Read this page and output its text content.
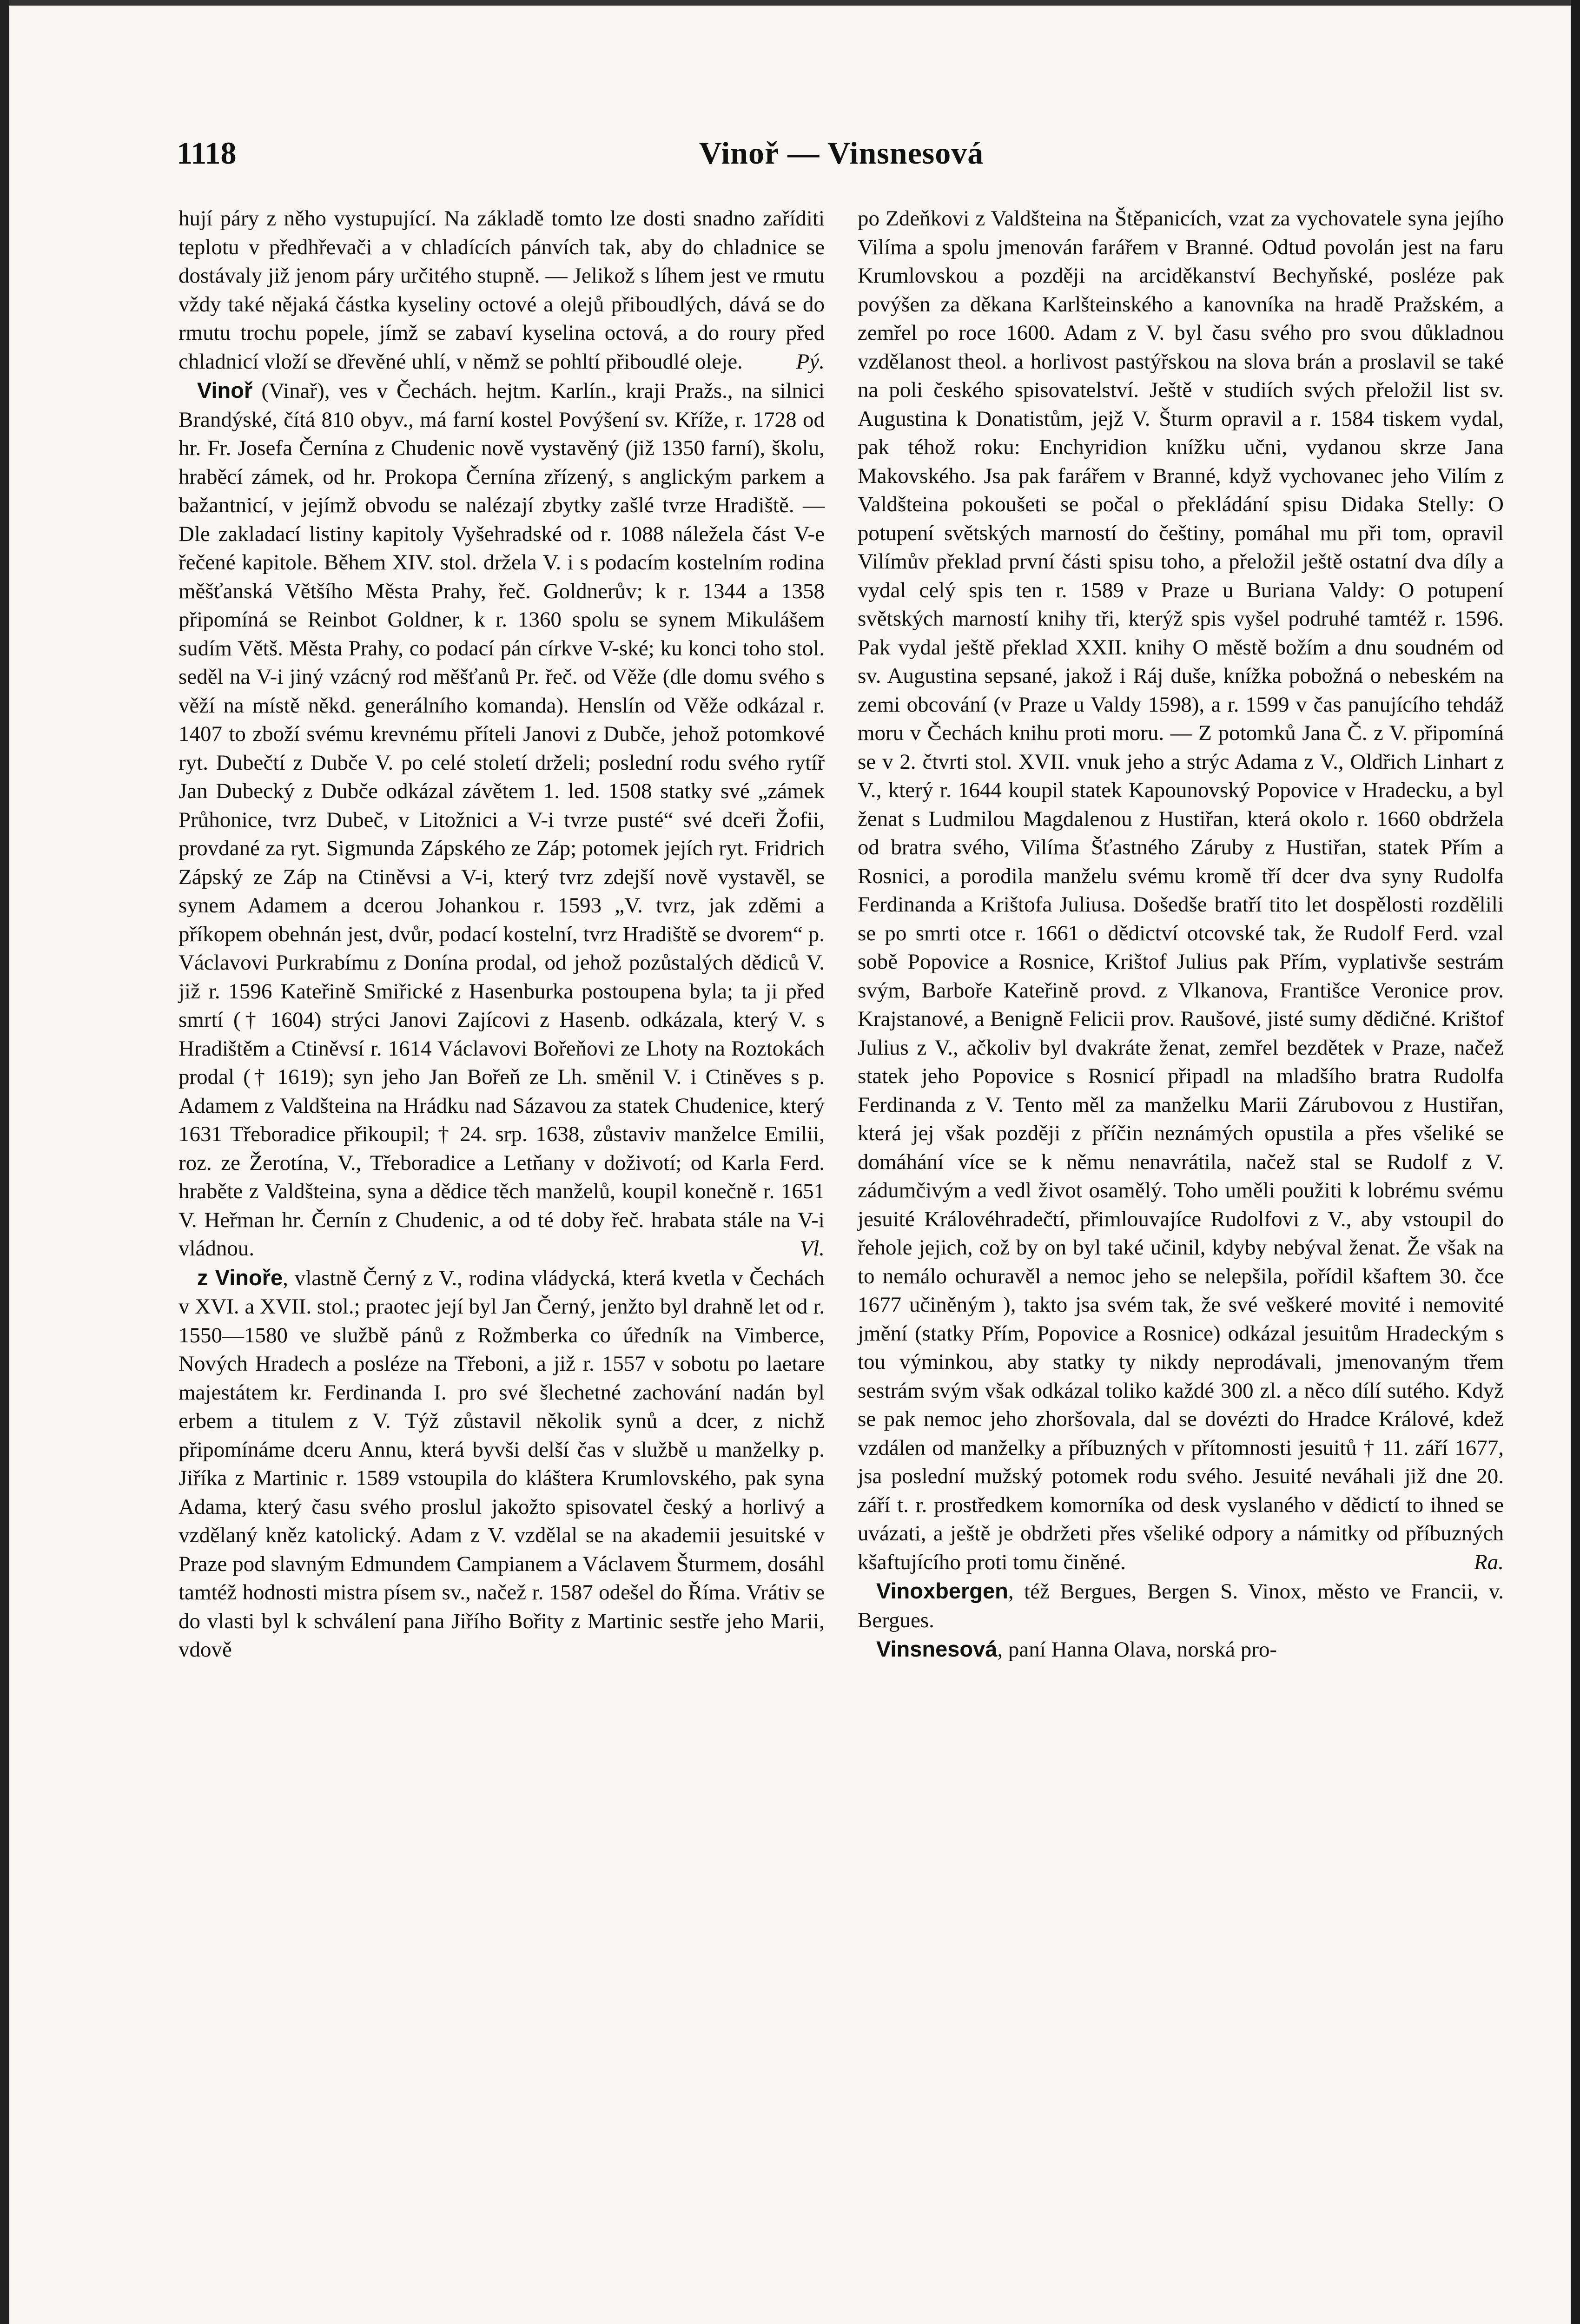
1118	Vinoř — Vinsnesová

hují páry z něho vystupující. Na základě tomto lze dosti snadno zaříditi teplotu v předhřevači a v chladících pánvích tak, aby do chladnice se dostávaly již jenom páry určitého stupně. — Jelikož s líhem jest ve rmutu vždy také nějaká částka kyseliny octové a olejů přiboudlých, dává se do rmutu trochu popele, jímž se zabaví kyselina octová, a do roury před chladnicí vloží se dřevěné uhlí, v němž se pohltí přiboudlé oleje.	Pý.

Vinoř (Vinař), ves v Čechách. hejtm. Karlín., kraji Pražs., na silnici Brandýské, čítá 810 obyv., má farní kostel Povýšení sv. Kříže, r. 1728 od hr. Fr. Josefa Černína z Chudenic nově vystavěný (již 1350 farní), školu, hraběcí zámek, od hr. Prokopa Černína zřízený, s anglickým parkem a bažantnicí, v jejímž obvodu se nalézají zbytky zašlé tvrze Hradiště. — Dle zakladací listiny kapitoly Vyšehradské od r. 1088 náležela část V-e řečené kapitole. Během XIV. stol. držela V. i s podacím kostelním rodina měšťanská Většího Města Prahy, řeč. Goldnerův; k r. 1344 a 1358 připomíná se Reinbot Goldner, k r. 1360 spolu se synem Mikulášem sudím Větš. Města Prahy, co podací pán církve V-ské; ku konci toho stol. seděl na V-i jiný vzácný rod měšťanů Pr. řeč. od Věže (dle domu svého s věží na místě někd. generálního komanda). Henslín od Věže odkázal r. 1407 to zboží svému krevnému příteli Janovi z Dubče, jehož potomkové ryt. Dubečtí z Dubče V. po celé století drželi; poslední rodu svého rytíř Jan Dubecký z Dubče odkázal závětem 1. led. 1508 statky své „zámek Průhonice, tvrz Dubeč, v Litožnici a V-i tvrze pusté“ své dceři Žofii, provdané za ryt. Sigmunda Zápského ze Záp; potomek jejích ryt. Fridrich Zápský ze Záp na Ctiněvsi a V-i, který tvrz zdejší nově vystavěl, se synem Adamem a dcerou Johankou r. 1593 „V. tvrz, jak zděmi a příkopem obehnán jest, dvůr, podací kostelní, tvrz Hradiště se dvorem“ p. Václavovi Purkrabímu z Donína prodal, od jehož pozůstalých dědiců V. již r. 1596 Kateřině Smiřické z Hasenburka postoupena byla; ta ji před smrtí († 1604) strýci Janovi Zajícovi z Hasenb. odkázala, který V. s Hradištěm a Ctiněvsí r. 1614 Václavovi Bořeňovi ze Lhoty na Roztokách prodal († 1619); syn jeho Jan Bořeň ze Lh. směnil V. i Ctiněves s p. Adamem z Valdšteina na Hrádku nad Sázavou za statek Chudenice, který 1631 Třeboradice přikoupil; † 24. srp. 1638, zůstaviv manželce Emilii, roz. ze Žerotína, V., Třeboradice a Letňany v doživotí; od Karla Ferd. hraběte z Valdšteina, syna a dědice těch manželů, koupil konečně r. 1651 V. Heřman hr. Černín z Chudenic, a od té doby řeč. hrabata stále na V-i vládnou.	Vl.

z Vinoře, vlastně Černý z V., rodina vládycká, která kvetla v Čechách v XVI. a XVII. stol.; praotec její byl Jan Černý, jenžto byl drahně let od r. 1550—1580 ve službě pánů z Rožmberka co úředník na Vimberce, Nových Hradech a posléze na Třeboni, a již r. 1557 v sobotu po laetare majestátem kr. Ferdinanda I. pro své šlechetné zachování nadán byl erbem a titulem z V. Týž zůstavil několik synů a dcer, z nichž připomínáme dceru Annu, která byvši delší čas v službě u manželky p. Jiříka z Martinic r. 1589 vstoupila do kláštera Krumlovského, pak syna Adama, který času svého proslul jakožto spisovatel český a horlivý a vzdělaný kněz katolický. Adam z V. vzdělal se na akademii jesuitské v Praze pod slavným Edmundem Campianem a Václavem Šturmem, dosáhl tamtéž hodnosti mistra písem sv., načež r. 1587 odešel do Říma. Vrátiv se do vlasti byl k schválení pana Jiřího Bořity z Martinic sestře jeho Marii, vdově

po Zdeňkovi z Valdšteina na Štěpanicích, vzat za vychovatele syna jejího Vilíma a spolu jmenován farářem v Branné. Odtud povolán jest na faru Krumlovskou a později na arciděkanství Bechyňské, posléze pak povýšen za děkana Karlšteinského a kanovníka na hradě Pražském, a zemřel po roce 1600. Adam z V. byl času svého pro svou důkladnou vzdělanost theol. a horlivost pastýřskou na slova brán a proslavil se také na poli českého spisovatelství. Ještě v studiích svých přeložil list sv. Augustina k Donatistům, jejž V. Šturm opravil a r. 1584 tiskem vydal, pak téhož roku: Enchyridion knížku učni, vydanou skrze Jana Makovského. Jsa pak farářem v Branné, když vychovanec jeho Vilím z Valdšteina pokoušeti se počal o překládání spisu Didaka Stelly: O potupení světských marností do češtiny, pomáhal mu při tom, opravil Vilímův překlad první části spisu toho, a přeložil ještě ostatní dva díly a vydal celý spis ten r. 1589 v Praze u Buriana Valdy: O potupení světských marností knihy tři, kterýž spis vyšel podruhé tamtéž r. 1596. Pak vydal ještě překlad XXII. knihy O městě božím a dnu soudném od sv. Augustina sepsané, jakož i Ráj duše, knížka pobožná o nebeském na zemi obcování (v Praze u Valdy 1598), a r. 1599 v čas panujícího tehdáž moru v Čechách knihu proti moru. — Z potomků Jana Č. z V. připomíná se v 2. čtvrti stol. XVII. vnuk jeho a strýc Adama z V., Oldřich Linhart z V., který r. 1644 koupil statek Kapounovský Popovice v Hradecku, a byl ženat s Ludmilou Magdalenou z Hustiřan, která okolo r. 1660 obdržela od bratra svého, Vilíma Šťastného Záruby z Hustiřan, statek Přím a Rosnici, a porodila manželu svému kromě tří dcer dva syny Rudolfa Ferdinanda a Krištofa Juliusa. Došedše bratří tito let dospělosti rozdělili se po smrti otce r. 1661 o dědictví otcovské tak, že Rudolf Ferd. vzal sobě Popovice a Rosnice, Krištof Julius pak Přím, vyplativše sestrám svým, Barboře Kateřině provd. z Vlkanova, Františce Veronice prov. Krajstanové, a Benigně Felicii prov. Raušové, jisté sumy dědičné. Krištof Julius z V., ačkoliv byl dvakráte ženat, zemřel bezdětek v Praze, načež statek jeho Popovice s Rosnicí připadl na mladšího bratra Rudolfa Ferdinanda z V. Tento měl za manželku Marii Zárubovou z Hustiřan, která jej však později z příčin neznámých opustila a přes všeliké se domáhání více se k němu nenavrátila, načež stal se Rudolf z V. zádumčivým a vedl život osamělý. Toho uměli použiti k lobrému svému jesuité Královéhradečtí, přimlouvajíce Rudolfovi z V., aby vstoupil do řehole jejich, což by on byl také učinil, kdyby nebýval ženat. Že však na to nemálo ochuravěl a nemoc jeho se nelepšila, pořídil kšaftem 30. čce 1677 učiněným ), takto jsa svém tak, že své veškeré movité i nemovité jmění (statky Přím, Popovice a Rosnice) odkázal jesuitům Hradeckým s tou výminkou, aby statky ty nikdy neprodávali, jmenovaným třem sestrám svým však odkázal toliko každé 300 zl. a něco dílí sutého. Když se pak nemoc jeho zhoršovala, dal se dovézti do Hradce Králové, kdež vzdálen od manželky a příbuzných v přítomnosti jesuitů † 11. září 1677, jsa poslední mužský potomek rodu svého. Jesuité neváhali již dne 20. září t. r. prostředkem komorníka od desk vyslaného v dědictí to ihned se uvázati, a ještě je obdržeti přes všeliké odpory a námitky od příbuzných kšaftujícího proti tomu činěné.	Ra.

Vinoxbergen, též Bergues, Bergen S. Vinox, město ve Francii, v. Bergues.

Vinsnesová, paní Hanna Olava, norská pro-
